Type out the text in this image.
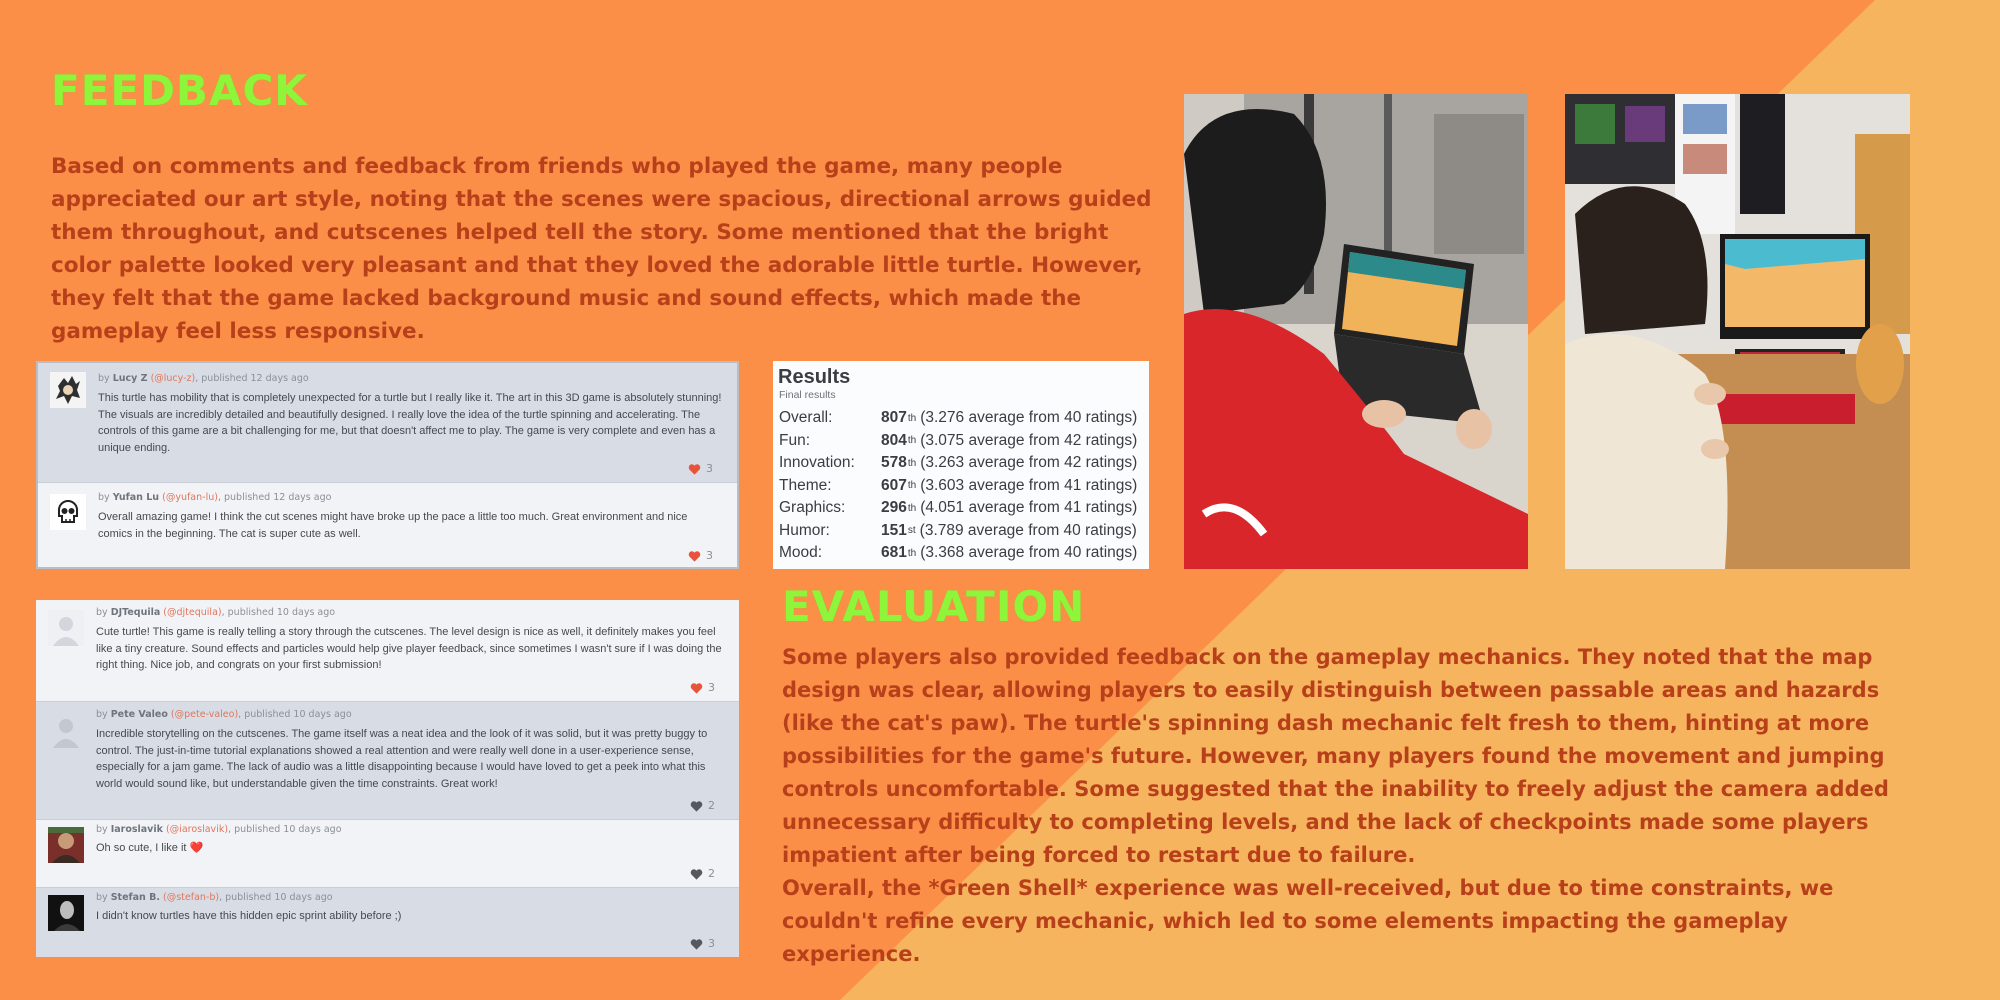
FEEDBACK

Based on comments and feedback from friends who played the game, many people appreciated our art style, noting that the scenes were spacious, directional arrows guided them throughout, and cutscenes helped tell the story. Some mentioned that the bright color palette looked very pleasant and that they loved the adorable little turtle. However, they felt that the game lacked background music and sound effects, which made the gameplay feel less responsive.

by Lucy Z (@lucy-z), published 12 days ago

This turtle has mobility that is completely unexpected for a turtle but I really like it. The art in this 3D game is absolutely stunning! The visuals are incredibly detailed and beautifully designed. I really love the idea of the turtle spinning and accelerating. The controls of this game are a bit challenging for me, but that doesn't affect me to play. The game is very complete and even has a unique ending.

3
by Yufan Lu (@yufan-lu), published 12 days ago

Overall amazing game! I think the cut scenes might have broke up the pace a little too much. Great environment and nice comics in the beginning. The cat is super cute as well.

3
Results
Final results
Overall:	807 th (3.276 average from 40 ratings)
Fun:	804 th (3.075 average from 42 ratings)
Innovation:	578 th (3.263 average from 42 ratings)
Theme:	607 th (3.603 average from 41 ratings)
Graphics:	296 th (4.051 average from 41 ratings)
Humor:	151 st (3.789 average from 40 ratings)
Mood:	681 th (3.368 average from 40 ratings)
by DJTequila (@djtequila), published 10 days ago

Cute turtle! This game is really telling a story through the cutscenes. The level design is nice as well, it definitely makes you feel like a tiny creature. Sound effects and particles would help give player feedback, since sometimes I wasn't sure if I was doing the right thing. Nice job, and congrats on your first submission!

3
by Pete Valeo (@pete-valeo), published 10 days ago

Incredible storytelling on the cutscenes. The game itself was a neat idea and the look of it was solid, but it was pretty buggy to control. The just-in-time tutorial explanations showed a real attention and were really well done in a user-experience sense, especially for a jam game. The lack of audio was a little disappointing because I would have loved to get a peek into what this world would sound like, but understandable given the time constraints. Great work!

2
by Iaroslavik (@iaroslavik), published 10 days ago

Oh so cute, I like it ❤️

2
by Stefan B. (@stefan-b), published 10 days ago

I didn't know turtles have this hidden epic sprint ability before ;)

3
EVALUATION

Some players also provided feedback on the gameplay mechanics. They noted that the map design was clear, allowing players to easily distinguish between passable areas and hazards (like the cat's paw). The turtle's spinning dash mechanic felt fresh to them, hinting at more possibilities for the game's future. However, many players found the movement and jumping controls uncomfortable. Some suggested that the inability to freely adjust the camera added unnecessary difficulty to completing levels, and the lack of checkpoints made some players impatient after being forced to restart due to failure.

Overall, the *Green Shell* experience was well-received, but due to time constraints, we couldn't refine every mechanic, which led to some elements impacting the gameplay experience.
